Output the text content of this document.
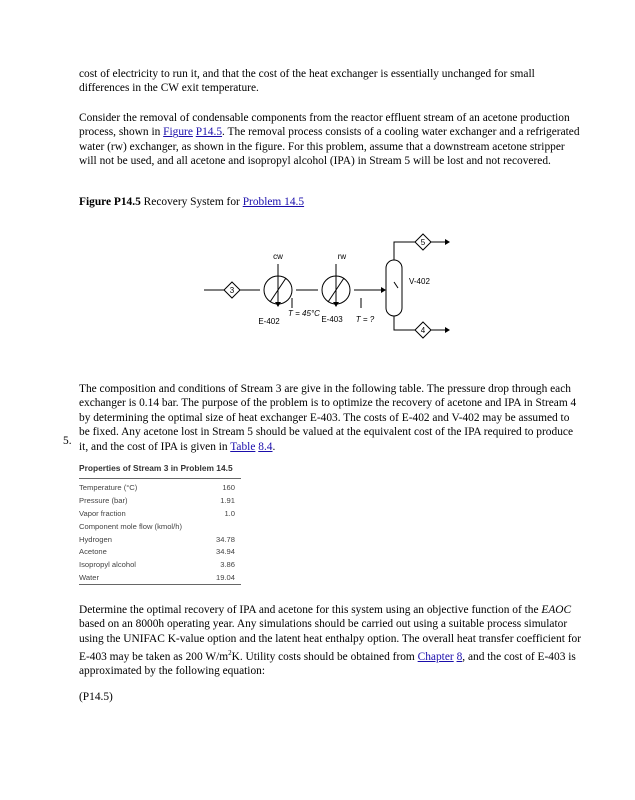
cost of electricity to run it, and that the cost of the heat exchanger is essentially unchanged for small differences in the CW exit temperature.

Consider the removal of condensable components from the reactor effluent stream of an acetone production process, shown in Figure P14.5. The removal process consists of a cooling water exchanger and a refrigerated water (rw) exchanger, as shown in the figure. For this problem, assume that a downstream acetone stripper will not be used, and all acetone and isopropyl alcohol (IPA) in Stream 5 will be lost and not recovered.

Figure P14.5 Recovery System for Problem 14.5
3
cw
E-402
T = 45°C
rw
E-403 T = ?
V-402
5
4

The composition and conditions of Stream 3 are give in the following table. The pressure drop through each exchanger is 0.14 bar. The purpose of the problem is to optimize the recovery of acetone and IPA in Stream 4 by determining the optimal size of heat exchanger E-403. The costs of E-402 and V-402 may be assumed to be fixed. Any acetone lost in Stream 5 should be valued at the equivalent cost of the IPA required to produce it, and the cost of IPA is given in Table 8.4.

5.
Properties of Stream 3 in Problem 14.5
Temperature (°C)	160
Pressure (bar)	1.91
Vapor fraction	1.0
Component mole flow (kmol/h)	
Hydrogen	34.78
Acetone	34.94
Isopropyl alcohol	3.86
Water	19.04

Determine the optimal recovery of IPA and acetone for this system using an objective function of the EAOC based on an 8000h operating year. Any simulations should be carried out using a suitable process simulator using the UNIFAC K-value option and the latent heat enthalpy option. The overall heat transfer coefficient for E-403 may be taken as 200 $W/m^2K$. Utility costs should be obtained from Chapter 8, and the cost of E-403 is approximated by the following equation:

(P14.5)
